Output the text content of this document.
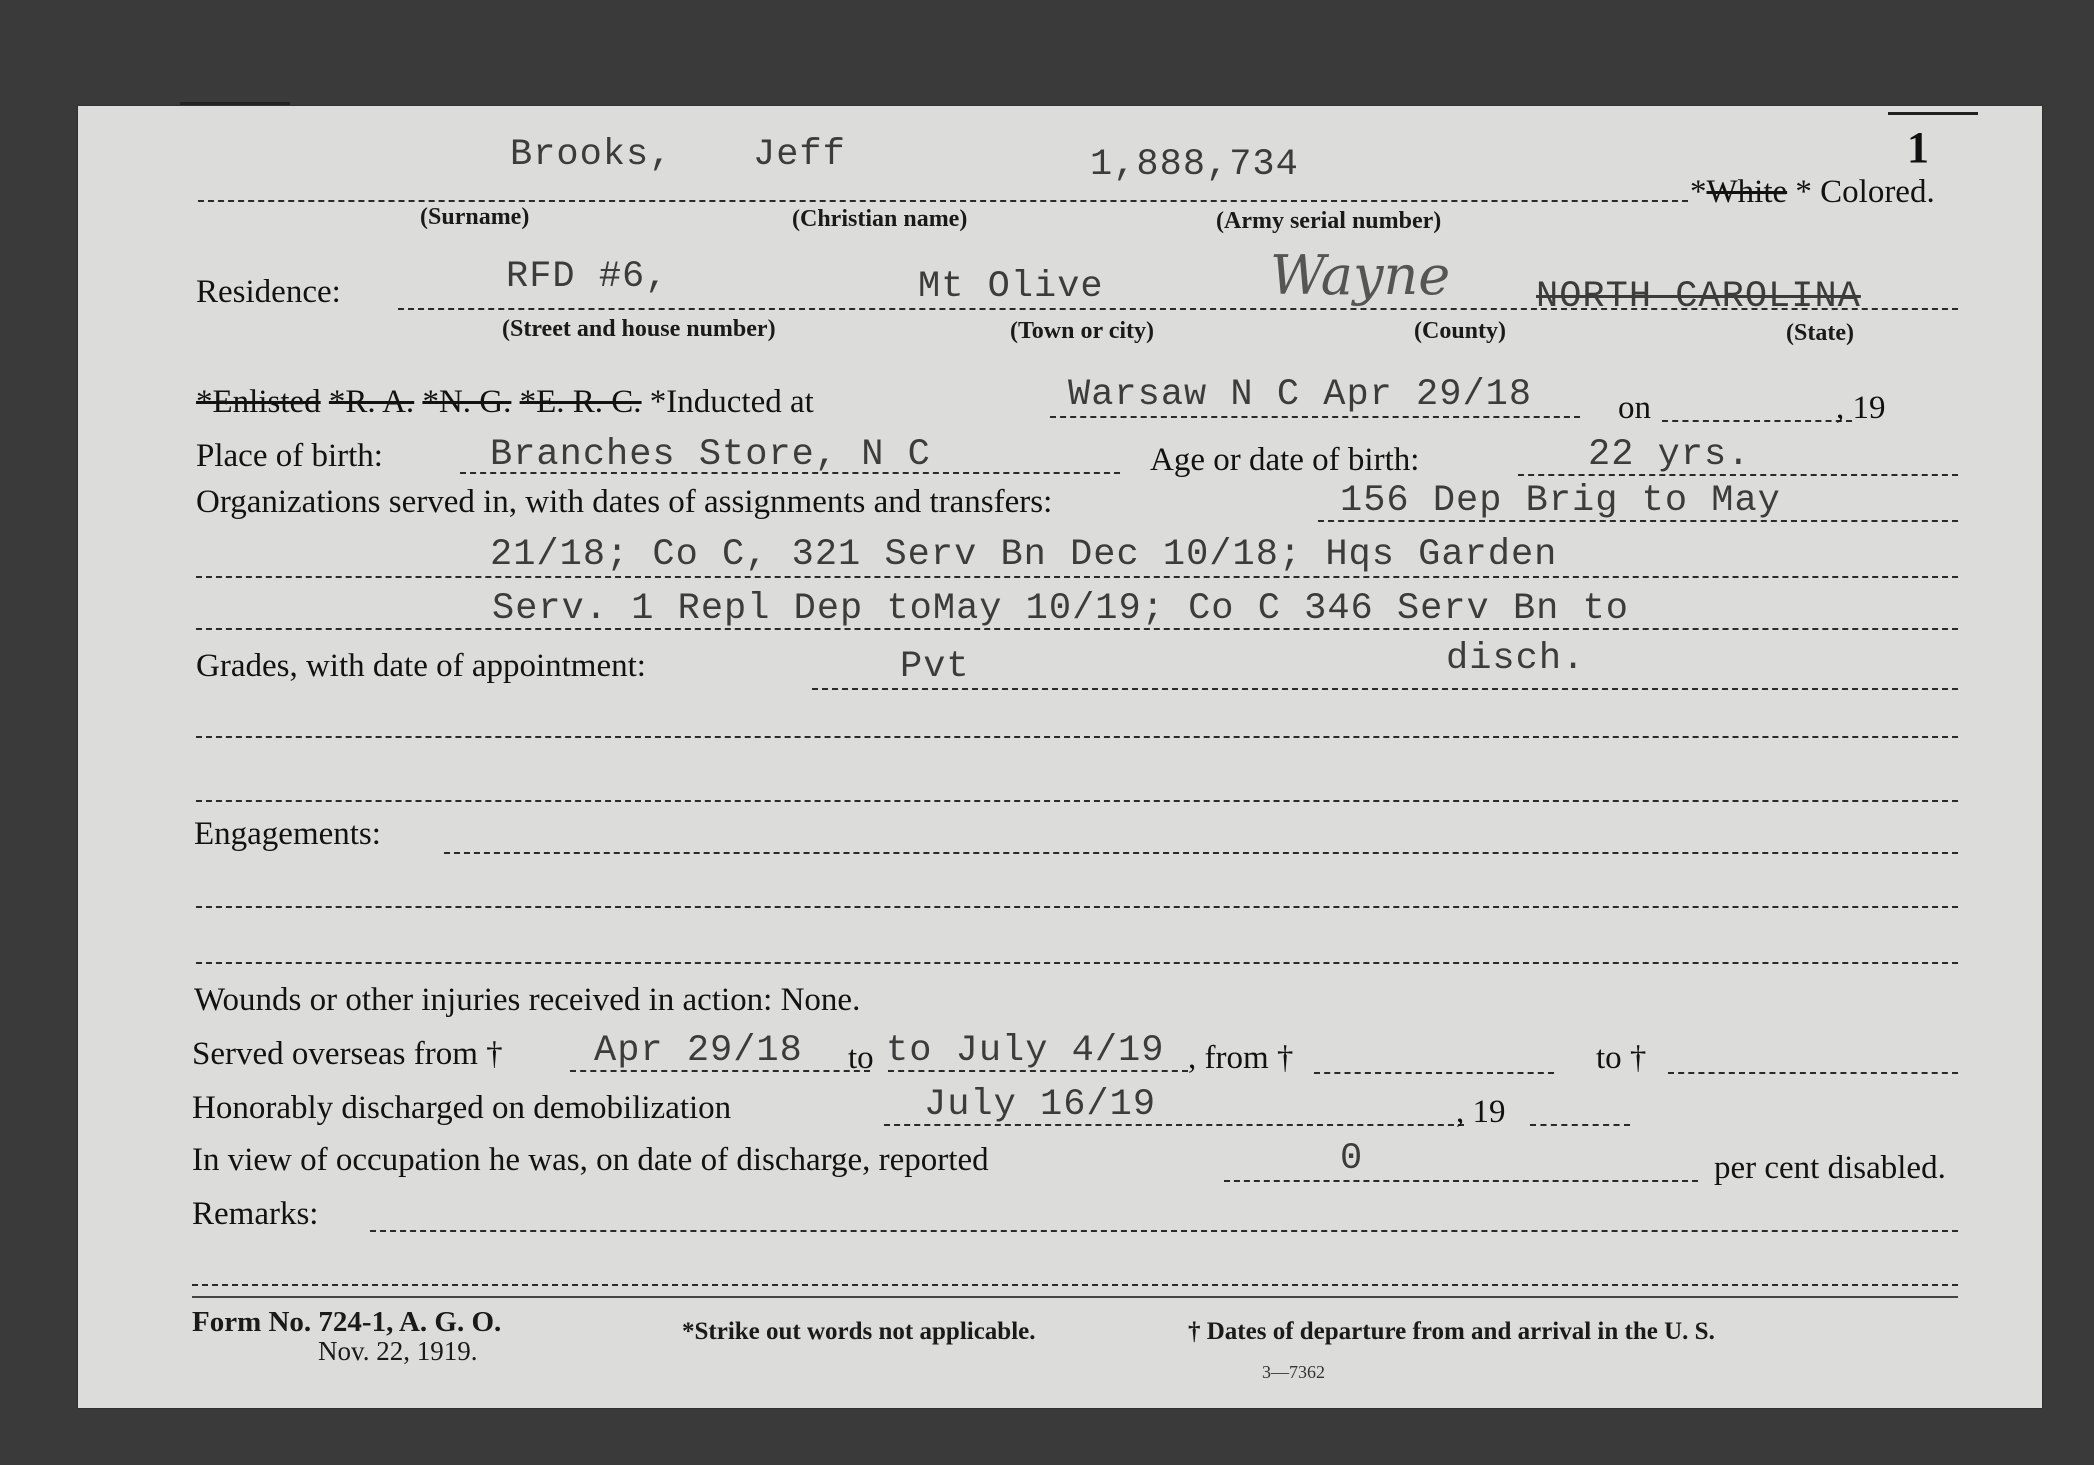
1
Brooks, Jeff	1,888,734
*White * Colored.
(Surname)	(Christian name)	(Army serial number)
Residence:	RFD #6,	Mt Olive	Wayne NORTH CAROLINA
(Street and house number)	(Town or city)	(County)	(State)
*Enlisted *R. A. *N. G. *E. R. C. *Inducted at	Warsaw N C Apr 29/18	on	, 19
Place of birth:	Branches Store, N C	Age or date of birth:	22 yrs.
Organizations served in, with dates of assignments and transfers:	156 Dep Brig to May
21/18; Co C, 321 Serv Bn Dec 10/18; Hqs Garden
Serv. 1 Repl Dep toMay 10/19; Co C 346 Serv Bn to
Grades, with date of appointment:	Pvt	disch.
Engagements:
Wounds or other injuries received in action: None.
Served overseas from † Apr 29/18 to to July 4/19 , from †	to †
Honorably discharged on demobilization	July 16/19	, 19
In view of occupation he was, on date of discharge, reported	0	per cent disabled.
Remarks:
Form No. 724-1, A. G. O.
Nov. 22, 1919.
*Strike out words not applicable.	† Dates of departure from and arrival in the U. S.
3—7362
